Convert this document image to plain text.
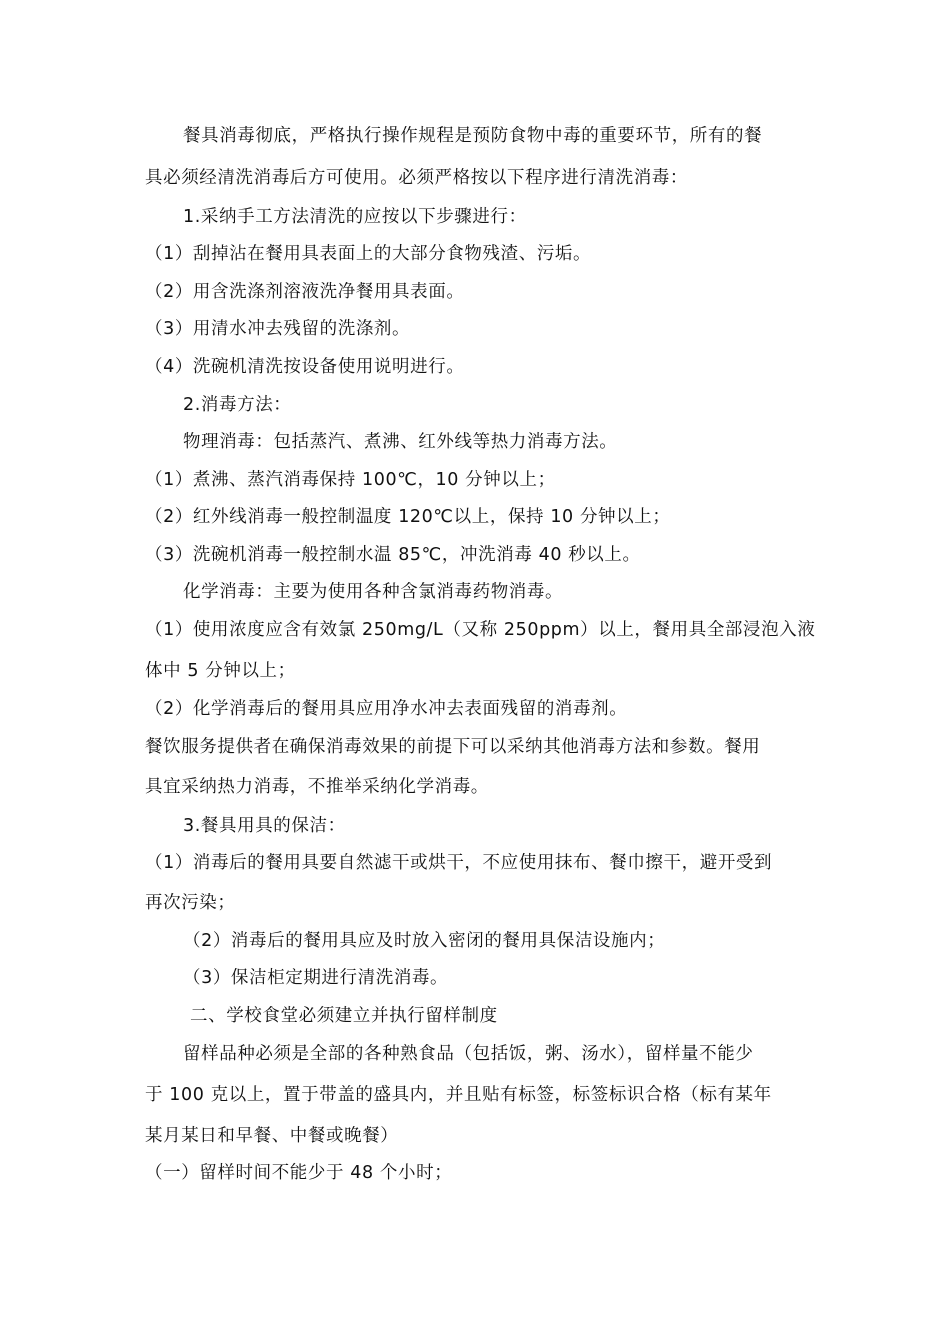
餐具消毒彻底，严格执行操作规程是预防食物中毒的重要环节，所有的餐
具必须经清洗消毒后方可使用。必须严格按以下程序进行清洗消毒：
1.采纳手工方法清洗的应按以下步骤进行：
（1）刮掉沾在餐用具表面上的大部分食物残渣、污垢。
（2）用含洗涤剂溶液洗净餐用具表面。
（3）用清水冲去残留的洗涤剂。
（4）洗碗机清洗按设备使用说明进行。
2.消毒方法：
物理消毒：包括蒸汽、煮沸、红外线等热力消毒方法。
（1）煮沸、蒸汽消毒保持 100℃，10 分钟以上；
（2）红外线消毒一般控制温度 120℃以上，保持 10 分钟以上；
（3）洗碗机消毒一般控制水温 85℃，冲洗消毒 40 秒以上。
化学消毒：主要为使用各种含氯消毒药物消毒。
（1）使用浓度应含有效氯 250mg/L（又称 250ppm）以上，餐用具全部浸泡入液
体中 5 分钟以上；
（2）化学消毒后的餐用具应用净水冲去表面残留的消毒剂。
餐饮服务提供者在确保消毒效果的前提下可以采纳其他消毒方法和参数。餐用
具宜采纳热力消毒，不推举采纳化学消毒。
3.餐具用具的保洁：
（1）消毒后的餐用具要自然滤干或烘干，不应使用抹布、餐巾擦干，避开受到
再次污染；
（2）消毒后的餐用具应及时放入密闭的餐用具保洁设施内；
（3）保洁柜定期进行清洗消毒。
二、学校食堂必须建立并执行留样制度
留样品种必须是全部的各种熟食品（包括饭，粥、汤水），留样量不能少
于 100 克以上，置于带盖的盛具内，并且贴有标签，标签标识合格（标有某年
某月某日和早餐、中餐或晚餐）
（一）留样时间不能少于 48 个小时；
